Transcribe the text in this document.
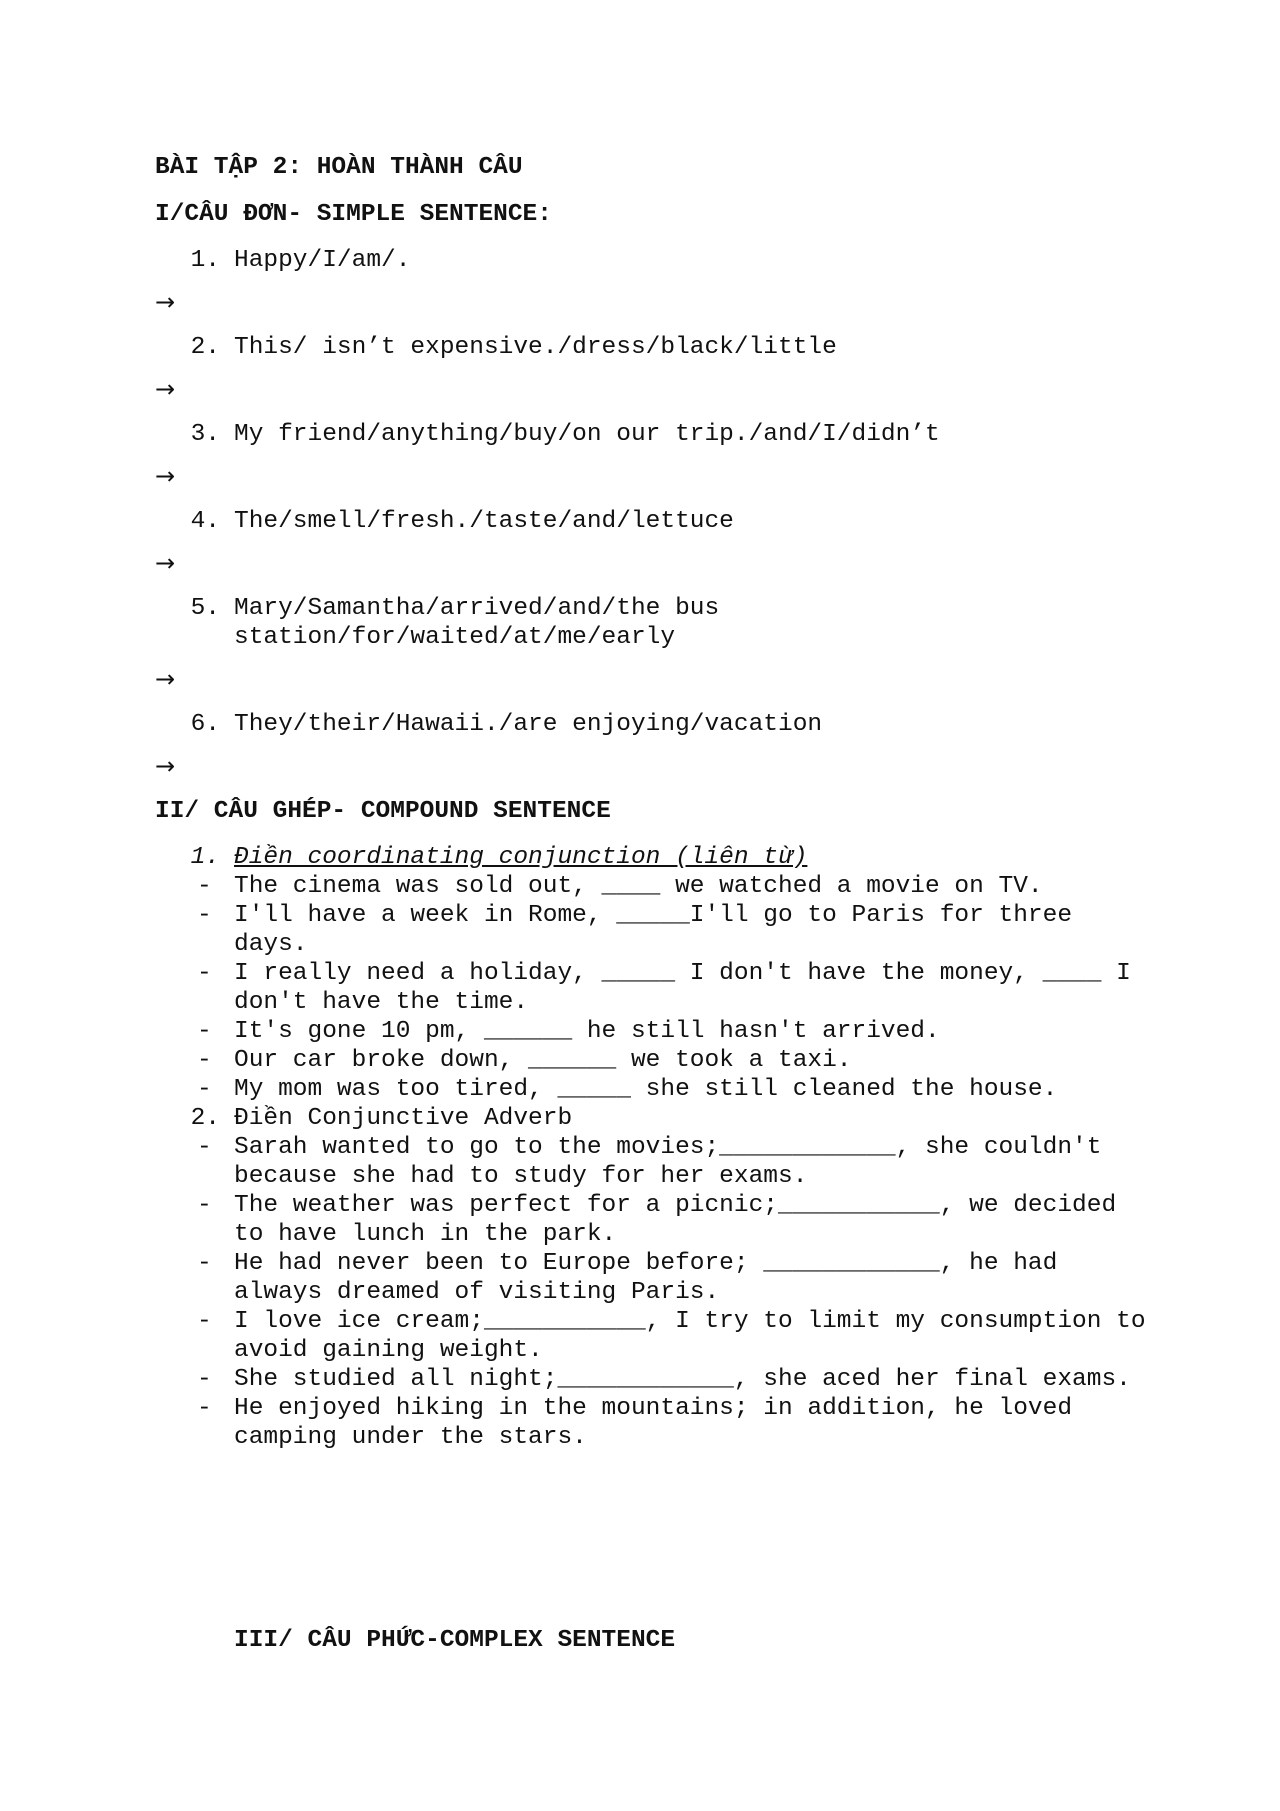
BÀI TẬP 2: HOÀN THÀNH CÂU
I/CÂU ĐƠN- SIMPLE SENTENCE:
1. Happy/I/am/.
→
2. This/ isn’t expensive./dress/black/little
→
3. My friend/anything/buy/on our trip./and/I/didn’t
→
4. The/smell/fresh./taste/and/lettuce
→
5. Mary/Samantha/arrived/and/the bus
station/for/waited/at/me/early
→
6. They/their/Hawaii./are enjoying/vacation
→
II/ CÂU GHÉP- COMPOUND SENTENCE
1. Điền coordinating conjunction (liên từ)
- The cinema was sold out, ____ we watched a movie on TV.
- I'll have a week in Rome, _____I'll go to Paris for three
days.
- I really need a holiday, _____ I don't have the money, ____ I
don't have the time.
- It's gone 10 pm, ______ he still hasn't arrived.
- Our car broke down, ______ we took a taxi.
- My mom was too tired, _____ she still cleaned the house.
2. Điền Conjunctive Adverb
- Sarah wanted to go to the movies;____________, she couldn't
because she had to study for her exams.
- The weather was perfect for a picnic;___________, we decided
to have lunch in the park.
- He had never been to Europe before; ____________, he had
always dreamed of visiting Paris.
- I love ice cream;___________, I try to limit my consumption to
avoid gaining weight.
- She studied all night;____________, she aced her final exams.
- He enjoyed hiking in the mountains; in addition, he loved
camping under the stars.
III/ CÂU PHỨC-COMPLEX SENTENCE
